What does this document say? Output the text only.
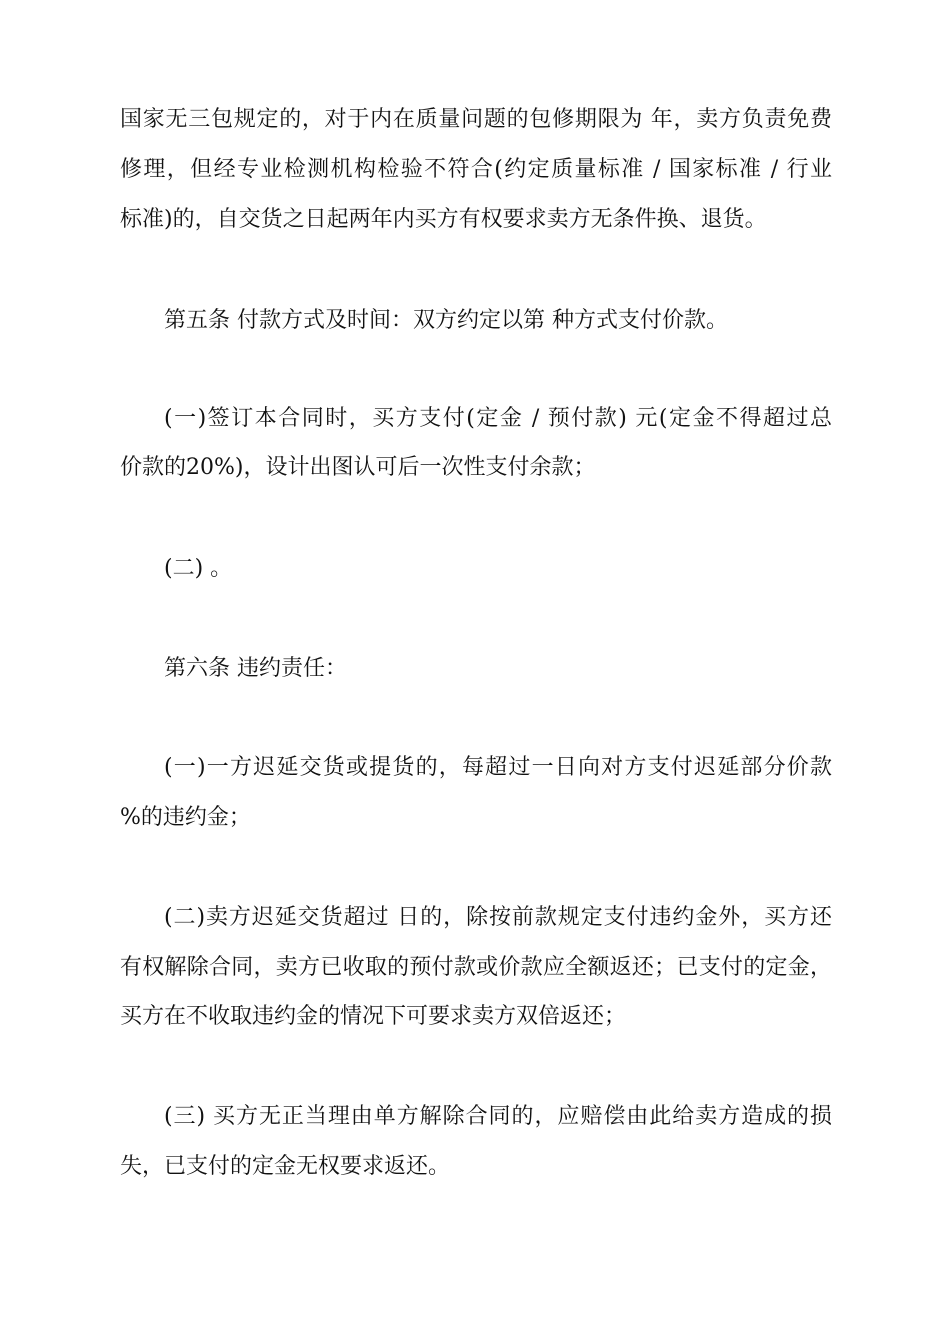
国家无三包规定的，对于内在质量问题的包修期限为 年，卖方负责免费
修理，但经专业检测机构检验不符合(约定质量标准 / 国家标准 / 行业
标准)的，自交货之日起两年内买方有权要求卖方无条件换、退货。
第五条 付款方式及时间：双方约定以第 种方式支付价款。
(一)签订本合同时，买方支付(定金 / 预付款) 元(定金不得超过总
价款的20%)，设计出图认可后一次性支付余款；
(二) 。
第六条 违约责任：
(一)一方迟延交货或提货的，每超过一日向对方支付迟延部分价款
%的违约金；
(二)卖方迟延交货超过 日的，除按前款规定支付违约金外，买方还
有权解除合同，卖方已收取的预付款或价款应全额返还；已支付的定金，
买方在不收取违约金的情况下可要求卖方双倍返还；
(三) 买方无正当理由单方解除合同的，应赔偿由此给卖方造成的损
失，已支付的定金无权要求返还。
